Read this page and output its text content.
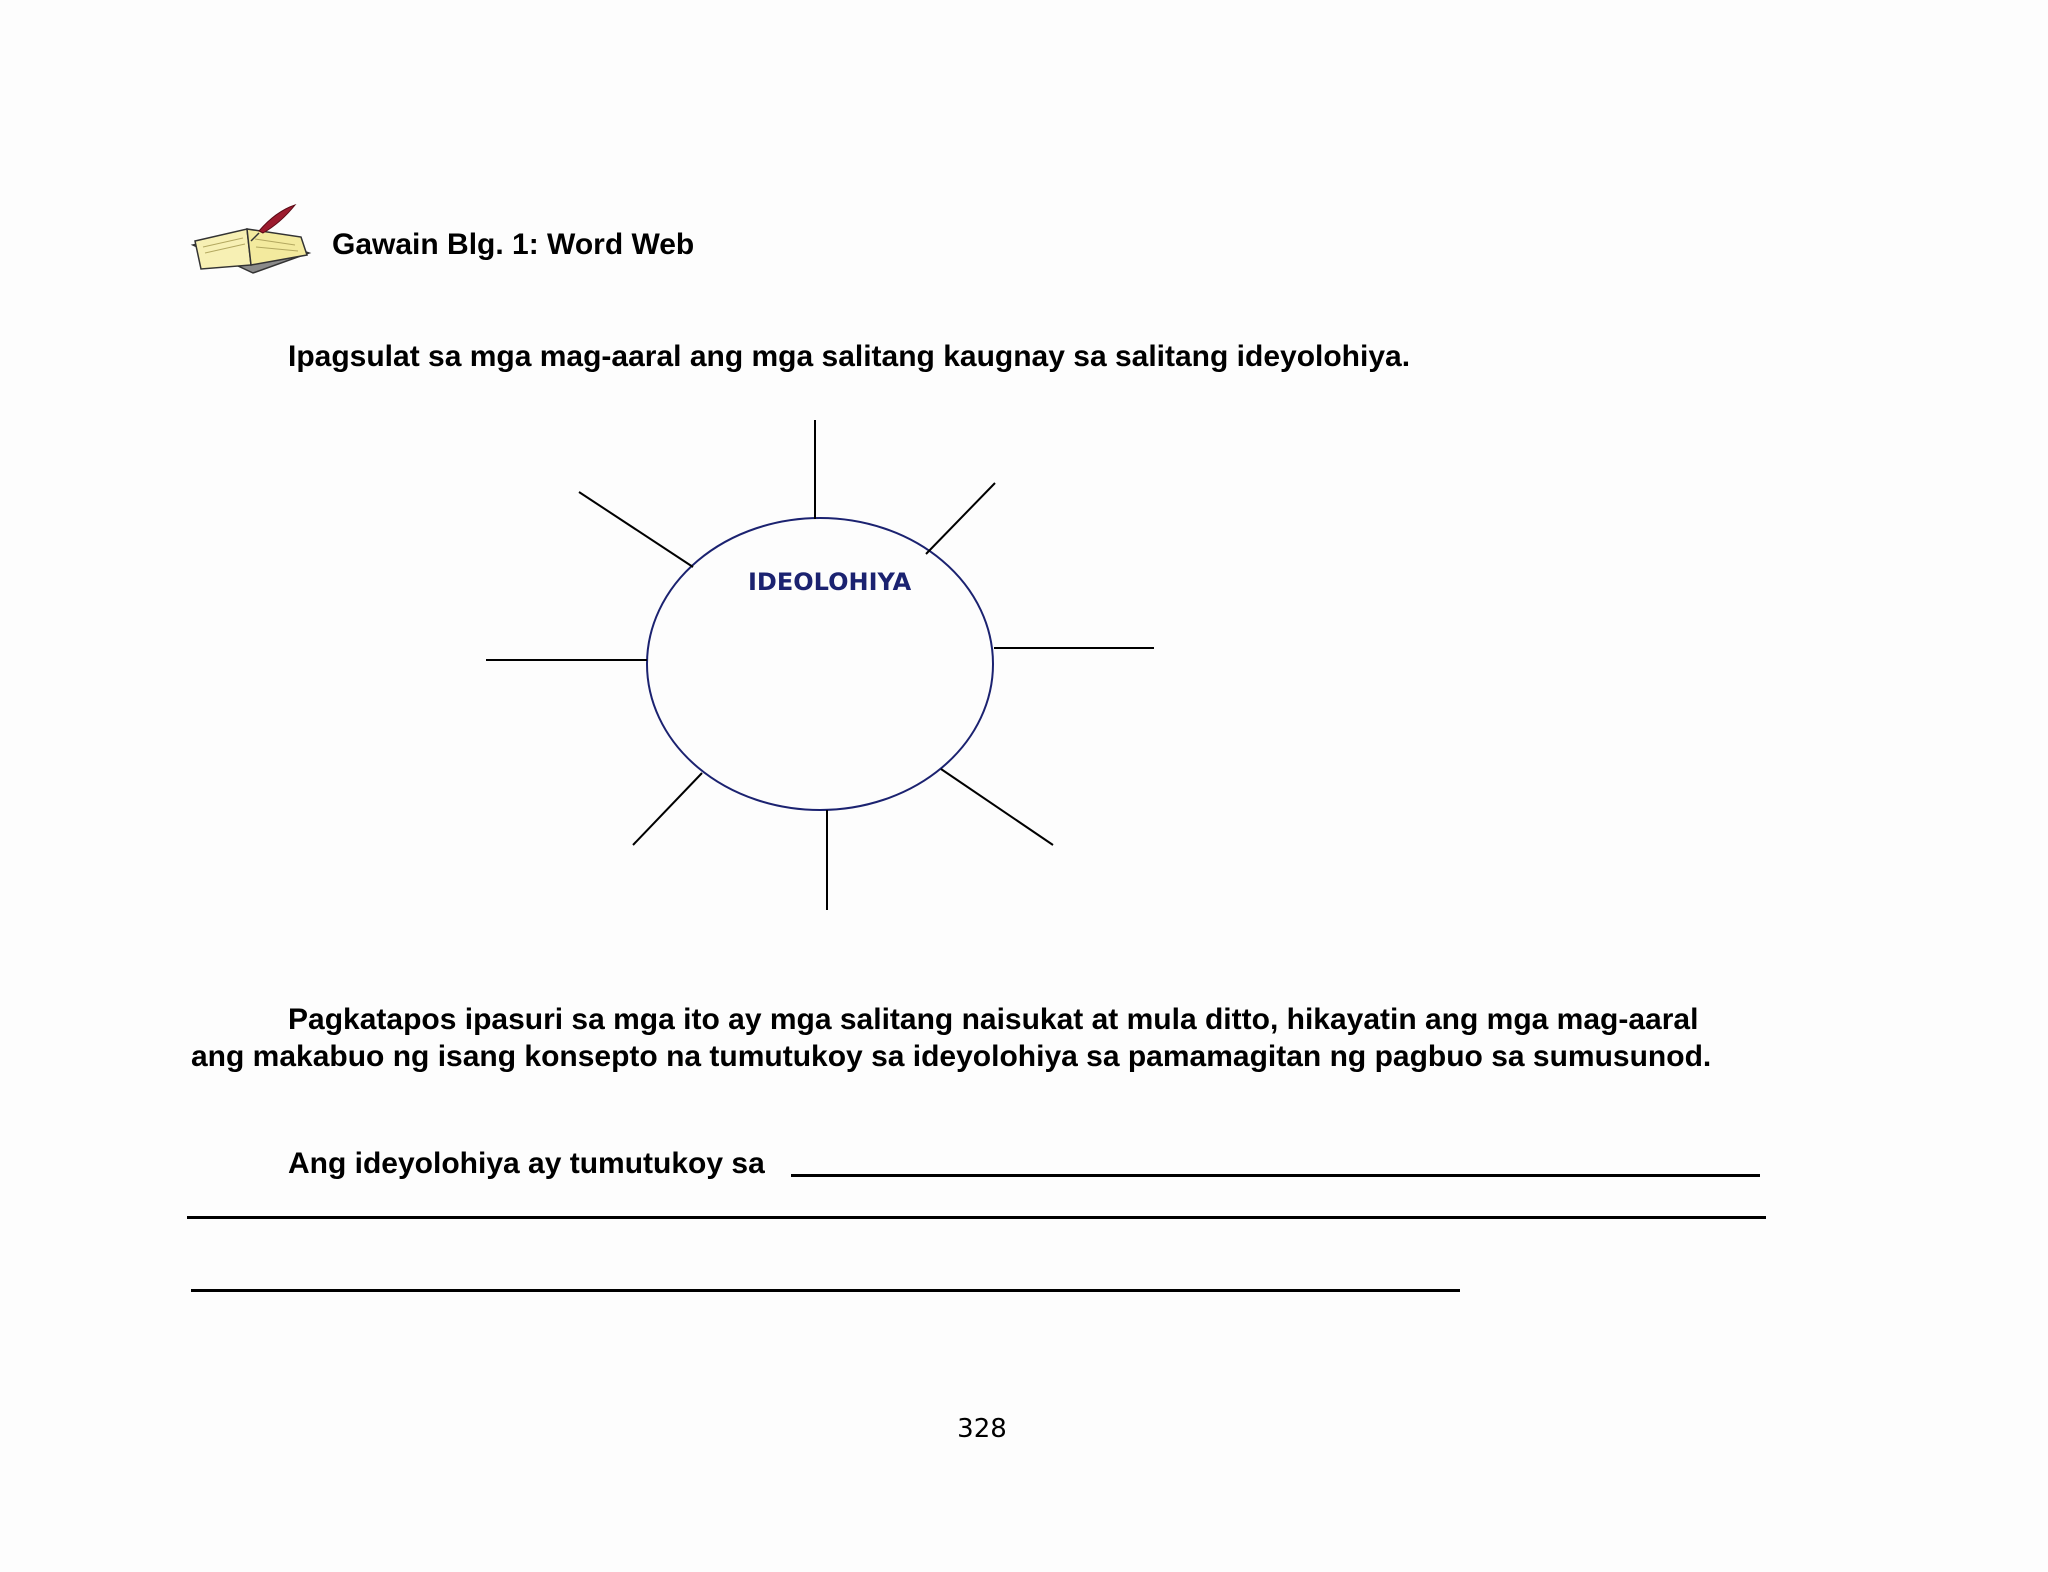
Gawain Blg. 1: Word Web
Ipagsulat sa mga mag-aaral ang mga salitang kaugnay sa salitang ideyolohiya.
IDEOLOHIYA

Pagkatapos ipasuri sa mga ito ay mga salitang naisukat at mula ditto, hikayatin ang mga mag-aaral ang makabuo ng isang konsepto na tumutukoy sa ideyolohiya sa pamamagitan ng pagbuo sa sumusunod.

Ang ideyolohiya ay tumutukoy sa
328
